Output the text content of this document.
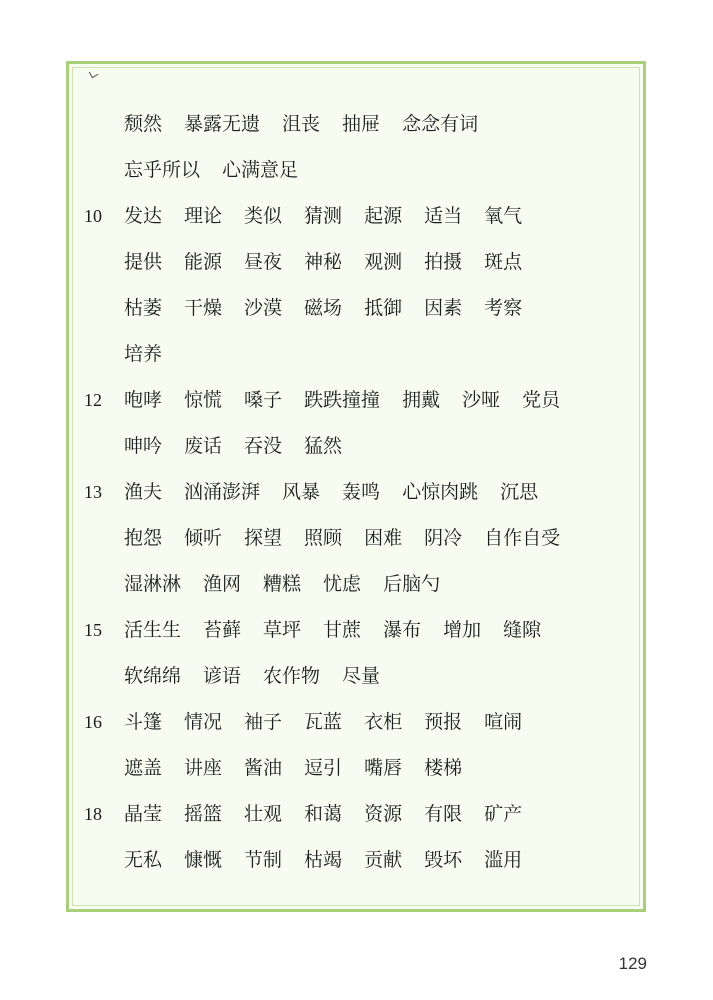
颓然 暴露无遗 沮丧 抽屉 念念有词
忘乎所以 心满意足
10	发达 理论 类似 猜测 起源 适当 氧气
提供 能源 昼夜 神秘 观测 拍摄 斑点
枯萎 干燥 沙漠 磁场 抵御 因素 考察
培养
12	咆哮 惊慌 嗓子 跌跌撞撞 拥戴 沙哑 党员
呻吟 废话 吞没 猛然
13	渔夫 汹涌澎湃 风暴 轰鸣 心惊肉跳 沉思
抱怨 倾听 探望 照顾 困难 阴冷 自作自受
湿淋淋 渔网 糟糕 忧虑 后脑勺
15	活生生 苔藓 草坪 甘蔗 瀑布 增加 缝隙
软绵绵 谚语 农作物 尽量
16	斗篷 情况 袖子 瓦蓝 衣柜 预报 喧闹
遮盖 讲座 酱油 逗引 嘴唇 楼梯
18	晶莹 摇篮 壮观 和蔼 资源 有限 矿产
无私 慷慨 节制 枯竭 贡献 毁坏 滥用
129
